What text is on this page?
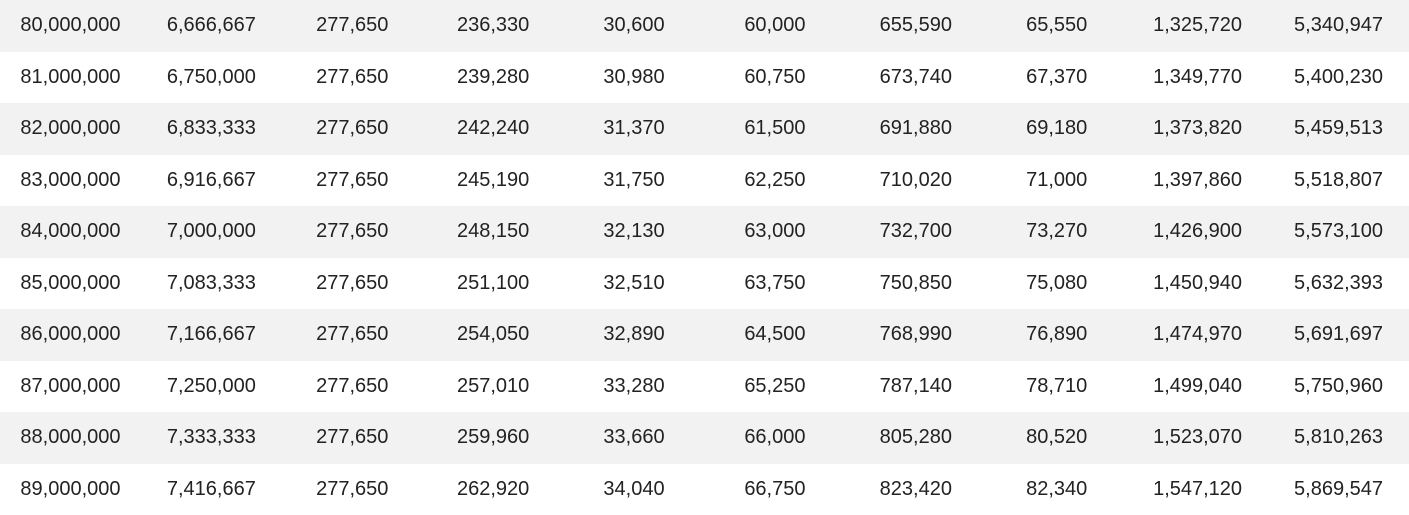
80,000,000	6,666,667	277,650	236,330	30,600	60,000	655,590	65,550	1,325,720	5,340,947
81,000,000	6,750,000	277,650	239,280	30,980	60,750	673,740	67,370	1,349,770	5,400,230
82,000,000	6,833,333	277,650	242,240	31,370	61,500	691,880	69,180	1,373,820	5,459,513
83,000,000	6,916,667	277,650	245,190	31,750	62,250	710,020	71,000	1,397,860	5,518,807
84,000,000	7,000,000	277,650	248,150	32,130	63,000	732,700	73,270	1,426,900	5,573,100
85,000,000	7,083,333	277,650	251,100	32,510	63,750	750,850	75,080	1,450,940	5,632,393
86,000,000	7,166,667	277,650	254,050	32,890	64,500	768,990	76,890	1,474,970	5,691,697
87,000,000	7,250,000	277,650	257,010	33,280	65,250	787,140	78,710	1,499,040	5,750,960
88,000,000	7,333,333	277,650	259,960	33,660	66,000	805,280	80,520	1,523,070	5,810,263
89,000,000	7,416,667	277,650	262,920	34,040	66,750	823,420	82,340	1,547,120	5,869,547
